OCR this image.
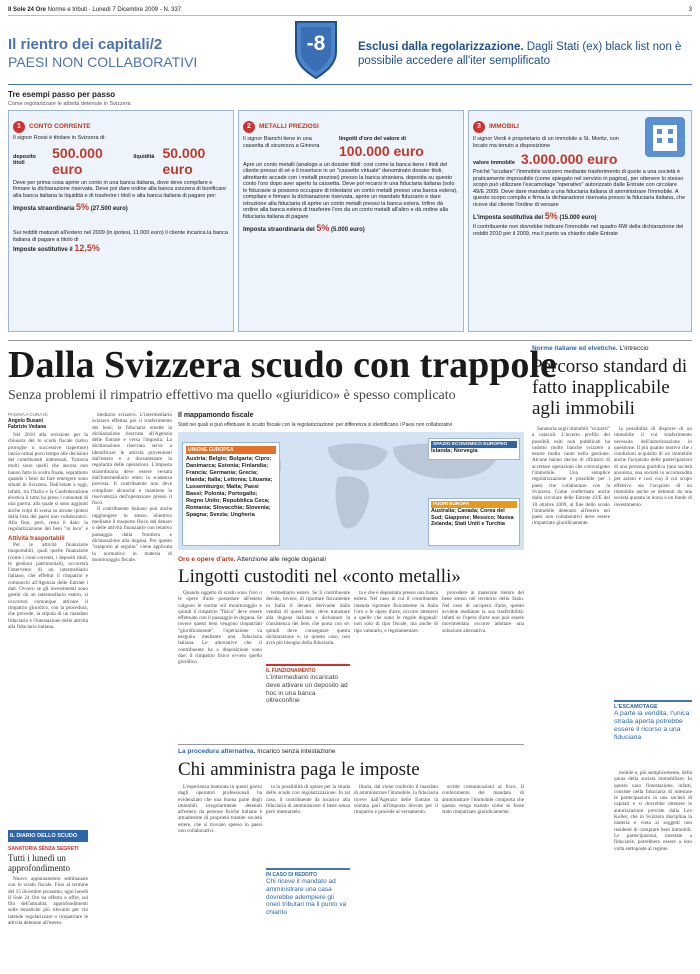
Il Sole 24 Ore Norme e tributi · Lunedì 7 Dicembre 2009 - N. 337	3
Il rientro dei capitali/2
PAESI NON COLLABORATIVI
-8	Esclusi dalla regolarizzazione. Dagli Stati (ex) black list non è possibile accedere all'iter semplificato
Tre esempi passo per passo
Come regolarizzare le attività detenute in Svizzera
1 CONTO CORRENTE
Il signor Rossi è titolare in Svizzera di:
deposito titoli
500.000 euro
liquidità 50.000 euro
Deve per prima cosa aprire un conto in una banca italiana, dove deve compilare e firmare la dichiarazione riservata. Deve poi dare ordine alla banca svizzera di bonificare alla banca italiana la liquidità e di trasferire i titoli e alla banca italiana di pagare per:
Imposta straordinaria 5% (27.500 euro)
Sui redditi maturati all'estero nel 2009 (in ipotesi, 11.000 euro) il cliente incarica la banca italiana di pagare a titolo di
Imposte sostitutive il 12,5%
2 METALLI PREZIOSI
Il signor Bianchi tiene in una cassetta di sicurezza a Ginevra
lingotti d'oro del valore di
100.000 euro
Apre un conto metalli (analogo a un dossier titoli: così come la banca tiene i titoli del cliente presso di sé e li inserisce in un "cassetto virtuale" denominato dossier titoli, altrettanto accade con i metalli preziosi) presso la banca straniera, deposita su questo conto l'oro dopo aver aperto la cassetta. Deve poi recarsi in una fiduciaria italiana (solo le fiduciarie si possono occupare di intestarsi un conto metalli presso una banca estera), compilare e firmare la dichiarazione riservata, aprire un mandato fiduciario e dare istruzione alla fiduciaria di aprire un conto metalli presso la banca estera. Infine dà ordine alla banca estera di trasferire l'oro da un conto metalli all'altro e dà ordine alla fiduciaria italiana di pagare
Imposta straordinaria del 5% (5.000 euro)
3 IMMOBILI
Il signor Verdi è proprietario di un immobile a St. Moritz, non locato ma tenuto a disposizione
valore immobile 3.000.000 euro
Poiché "scudare" l'immobile svizzero mediante trasferimento di quote a una società è praticamente impossibile (come spiegato nel servizio in pagina), per ottenere lo stesso scopo può utilizzare l'escamotage "operativo" autorizzato dalle Entrate con circolare 49/E 2009. Deve dare mandato a una fiduciaria italiana di amministrare l'immobile. A questo scopo compila e firma la dichiarazione riservata presso la fiduciaria italiana, che riceve dal cliente l'ordine di versare
L'imposta sostitutiva del 5% (15.000 euro)
Il contribuente non dovrebbe indicare l'immobile nel quadro RW della dichiarazione dei redditi 2010 per il 2009, ma il punto va chiarito dalle Entrate
Dalla Svizzera scudo con trappole
Senza problemi il rimpatrio effettivo ma quello «giuridico» è spesso complicato
Norme italiane ed elvetiche. L'intreccio
Percorso standard di fatto inapplicabile agli immobili

Sanatoria sugli immobili "svizzeri" a ostacoli. L'incerto profilo dei possibili esiti non pubblicati ha indotto molte banche svizzere a essere molto caute nella gestione. Alcune hanno deciso di rifiutarsi di accettare operazioni che coinvolgono l'immobile. Una semplice regolarizzazione è possibile per i paesi che collaborano con la Svizzera. Come confermato anche dalla circolare delle Entrate 43/E del 10 ottobre 2009, al fine dello scudo l'immobile detenuto all'estero nei paesi non collaborativi deve essere rimpatriato giuridicamente.

la possibilità di disporre di un immobile il cui trasferimento necessita dell'autorizzazione in questione. Il più quanto motivo che i condizioni acquisito di un immobile anche l'acquisito delle partecipazioni di una persona giuridica (una società anonima, una società in accomandita per azioni e così via) il cui scopo effettivo sia l'acquisto di un immobile anche se detenuti da una società quotata in borsa o un fondo di investimento.

L'ESCAMOTAGE
A parte la vendita, l'unica strada aperta potrebbe essere il ricorso a una fiduciaria

mobile e, più semplicemente, della quota della società immobiliare. In questo caso l'intestazione, infatti, consiste nella fiduciaria di intestare le partecipazioni in una società di capitali e si dovrebbe ottenere le autorizzazioni previste dalla Lex Koller, che in Svizzera disciplina la materia e vieta ai soggetti non residenti di comprare beni immobili. Le partecipazioni, intestate a fiduciarie, potrebbero essere a loro volta sottoposte al regime.

PAGINA A CURA DI
Angelo Busani
Fabrizio Vedana

Nel 2010 alla revisione per la chiusura del lo scudo fiscale (salvo proroghe o successive riaperture) lascia ormai poco tempo alle decisioni dei contribuenti interessati. Tuttavia molti sono quelli che ancora non hanno fatto la scelta finale, soprattutto quando i beni da fare emergere sono situati in Svizzera. Dall'estate a oggi, infatti, tra l'Italia e la Confederazione elvetica il tutto ha preso i connotati di una guerra, alla quale si sono aggiunti anche colpi di scena su alcune ipotesi della lista dei paesi non collaborativi. Alla fine, però, resta il dato: la regolarizzazione dei beni "in loco" è

Attività trasportabili

Per le attività finanziarie trasportabili, quali quelle finanziarie (come i conti correnti, i depositi titoli, le gestioni patrimoniali), occorrerà l'intervento di un intermediario italiano, che effettui il rimpatrio e comunichi all'Agenzia delle Entrate i dati. Ovvero se gli investimenti sono gestiti da un intermediario estero, si occorrerà comunque attivare il rimpatrio giuridico, con la procedura, che prevede, la stipula di un mandato fiduciario e l'intestazione delle attività alla fiduciaria italiana.

mediario svizzero. L'intermediario svizzero effettua poi il trasferimento dei beni; la fiduciaria emette la dichiarazione riservata all'Agenzia delle Entrate e versa l'imposta. La dichiarazione riservata serve a identificare le attività provenienti dall'estero e a documentare la regolarità delle operazioni. L'imposta straordinaria deve essere versata dall'intermediario entro la scadenza prevista. Il contribuente non deve compilare alcunché e mantiene la riservatezza dell'operazione presso il fisco.

Il contribuente italiano può anche raggiungere lo stesso obiettivo mediante il trasporto fisico del denaro o delle attività finanziarie con relativo passaggio dalla frontiera e dichiarazione alla dogana. Per questo "trasporto al seguito" viene applicata la normativa in materia di monitoraggio fiscale.

Il mappamondo fiscale
Stati nei quali si può effettuare lo scudo fiscale con la regolarizzazione: per differenza si identificano i Paesi non collaborativi
UNIONE EUROPEA
Austria; Belgio; Bulgaria; Cipro; Danimarca; Estonia; Finlandia; Francia; Germania; Grecia; Irlanda; Italia; Lettonia; Lituania; Lussemburgo; Malta; Paesi Bassi; Polonia; Portogallo; Regno Unito; Repubblica Ceca; Romania; Slovacchia; Slovenia; Spagna; Svezia; Ungheria
SPAZIO ECONOMICO EUROPEO
Islanda; Norvegia
FUORI EUROPA
Australia; Canada; Corea del Sud; Giappone; Messico; Nuova Zelanda; Stati Uniti e Turchia
Oro e opere d'arte. Attenzione alle regole doganali
Lingotti custoditi nel «conto metalli»

Quando oggetto di scudo sono l'oro o le opere d'arte possedute all'estero valgono le norme sul monitoraggio e quindi il rimpatrio "fisico" deve essere effettuato con il passaggio in dogana. Se invece questi beni vengono rimpatriati "giuridicamente", l'operazione va eseguita mediante una fiduciaria italiana. Le alternative che il contribuente ha a disposizione sono due: il rimpatrio fisico ovvero quello giuridico.

termediario estero. Se il contribuente decide, invece, di riportare fisicamente in Italia il denaro derivante dalla vendita di questi beni, deve transitare alla dogana italiana e dichiarare la consistenza dei beni che porta con sé: quindi deve consegnare questa dichiarazione e, in questo caso, non avrà più bisogno della fiduciaria.

IL FUNZIONAMENTO
L'intermediario incaricato deve attivare un deposito ad hoc in una banca oltreconfine

ta e che è depositato presso una banca estera. Nel caso in cui il contribuente intenda riportare fisicamente in Italia l'oro o le opere d'arte, occorre attenersi a quelle che sono le regole doganali: non solo di tipo fiscale, ma anche di tipo valutario, e regolamentare.

procedere al materiale rientro del bene stesso nel territorio dello Stato. Nel caso di un'opera d'arte, questo avviene mediante la sua trasferibilità: infatti se l'opera d'arte non può essere movimentata occorre adottare una soluzione alternativa.

La procedura alternativa. Incarico senza intestazione
Chi amministra paga le imposte

L'esperienza maturata in questi giorni dagli operatori professionali ha evidenziato che una buona parte degli immobili irregolarmente detenuti all'estero da persone fisiche italiane è attualmente di proprietà tramite società estere, che si trovano spesso in paesi non collaborativi.

ta la possibilità di optare per la strada dello scudo con regolarizzazione. In tal caso, il contribuente dà incarico alla fiduciaria di amministrare il bene senza però intestarselo.

IN CASO DI REDDITO
Chi riceve il mandato ad amministrare una casa dovrebbe adempiere gli oneri tributari ma il punto va chiarito

lliaria, dal viene conferito il mandato di amministrare l'immobile, la fiduciaria riceve dall'Agenzia delle Entrate la somma pari all'imposta dovuta per il rimpatrio e procede al versamento.

scritte comunicazioni al fisco. Il conferimento del mandato di amministrare l'immobile comporta che questo venga trattato come se fosse stato rimpatriato giuridicamente.

IL DIARIO DELLO SCUDO
SANATORIA SENZA SEGRETI
Tutti i lunedì un approfondimento

Nuovo appuntamento settimanale con lo scudo fiscale. Fino al termine del 15 dicembre prossimo, ogni lunedì Il Sole 24 Ore ha offerto e offre, sul filo dell'attualità, approfondimenti sulle tematiche più rilevanti per chi intende regolarizzare o rimpatriare le attività detenute all'estero.
